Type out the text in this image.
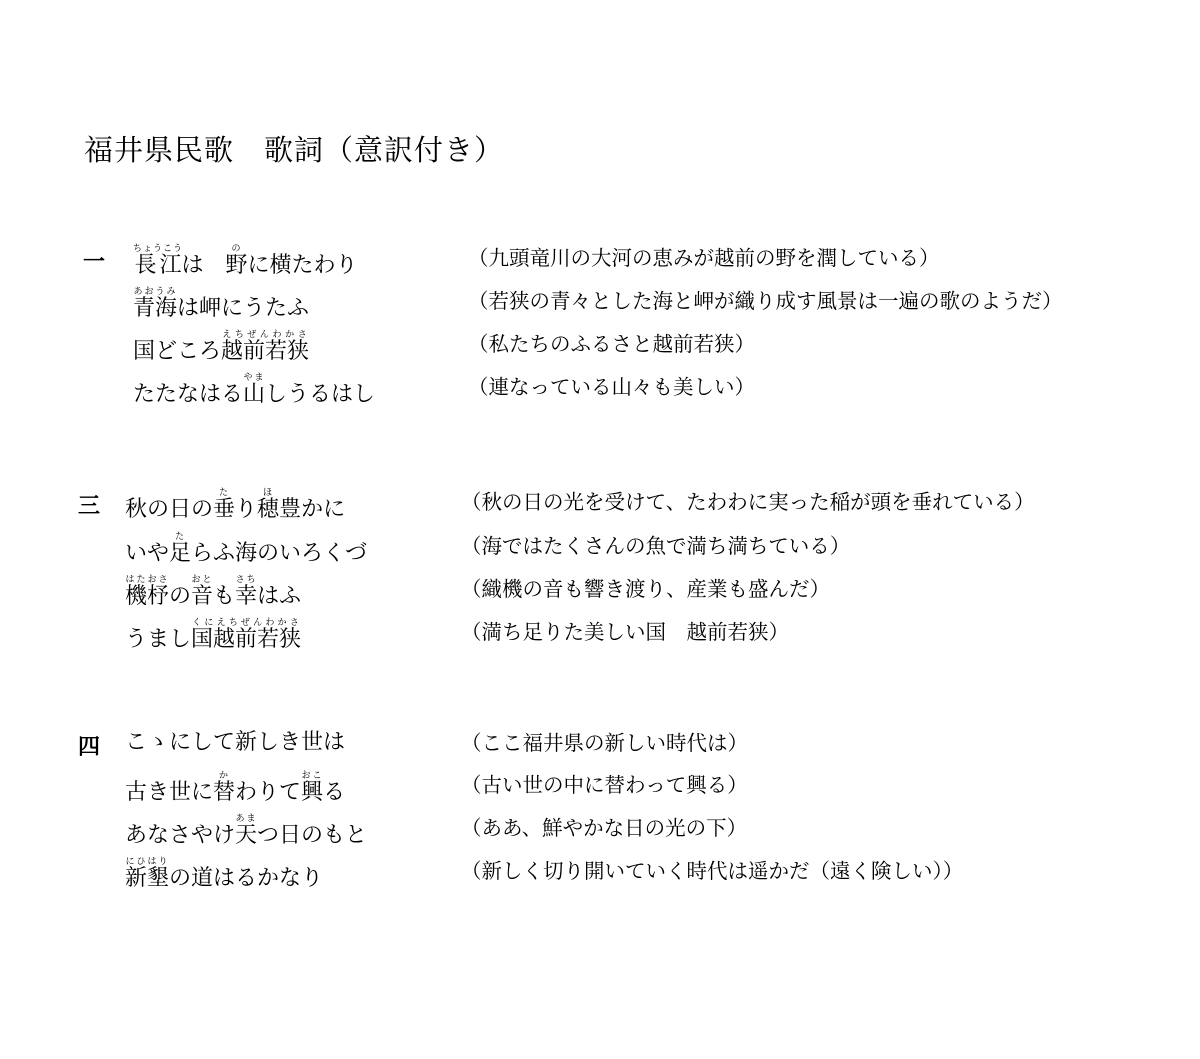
福井県民歌　歌詞（意訳付き）
一 長江ちょうこうは　野のに横たわり	（九頭竜川の大河の恵みが越前の野を潤している）
青海あおうみは岬にうたふ	（若狭の青々とした海と岬が織り成す風景は一遍の歌のようだ）
国どころ越前若狭えちぜんわかさ	（私たちのふるさと越前若狭）
たたなはる山やましうるはし	（連なっている山々も美しい）
三 秋の日の垂たり穂ほ豊かに	（秋の日の光を受けて、たわわに実った稲が頭を垂れている）
いや足たらふ海のいろくづ	（海ではたくさんの魚で満ち満ちている）
機杼はたおさの音おとも幸さちはふ	（織機の音も響き渡り、産業も盛んだ）
うまし国越前若狭くにえちぜんわかさ	（満ち足りた美しい国　越前若狭）
四 こゝにして新しき世は	（ここ福井県の新しい時代は）
古き世に替かわりて興おこる	（古い世の中に替わって興る）
あなさやけ天あまつ日のもと	（ああ、鮮やかな日の光の下）
新墾にひはりの道はるかなり	（新しく切り開いていく時代は遥かだ（遠く険しい））
